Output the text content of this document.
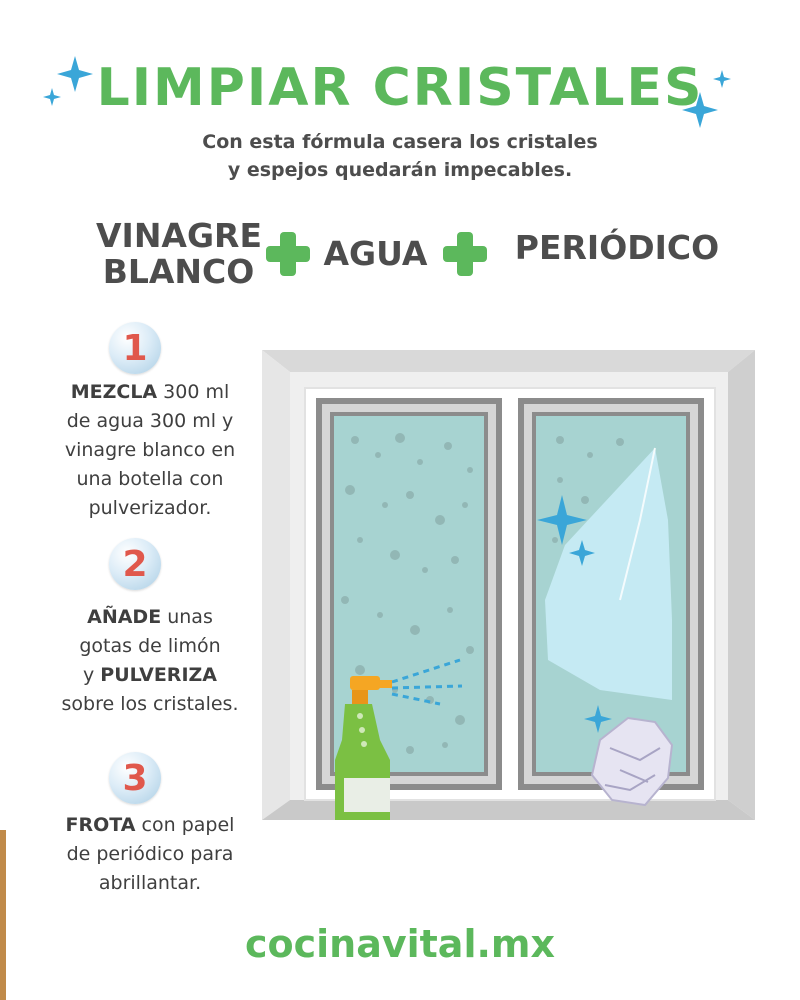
LIMPIAR CRISTALES
Con esta fórmula casera los cristales
y espejos quedarán impecables.
VINAGRE
BLANCO AGUA	PERIÓDICO
1
MEZCLA 300 ml
de agua 300 ml y
vinagre blanco en
una botella con
pulverizador.
2
AÑADE unas
gotas de limón
y PULVERIZA
sobre los cristales.
3
FROTA con papel
de periódico para
abrillantar.
cocinavital.mx
